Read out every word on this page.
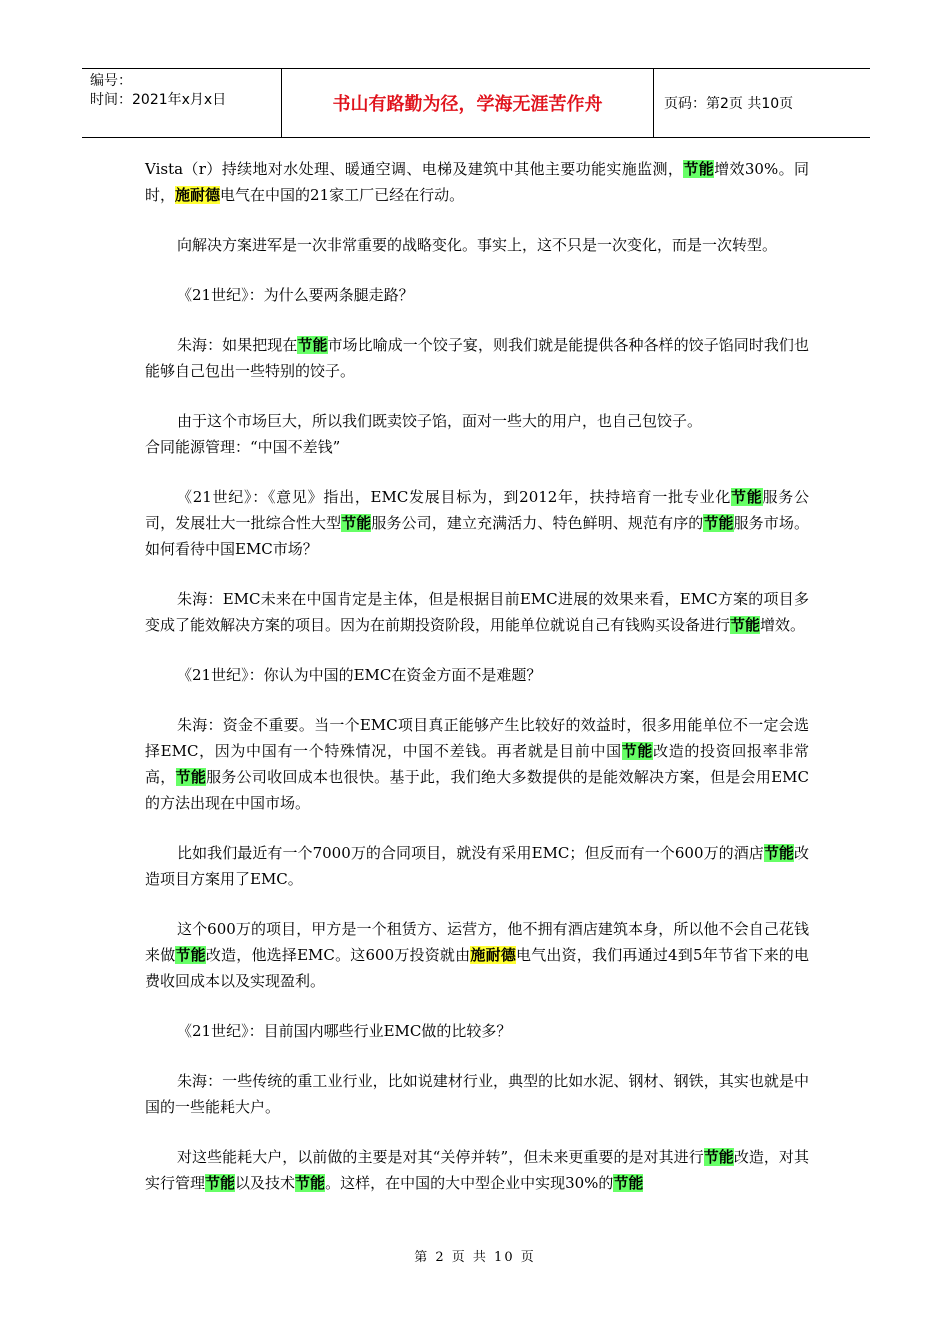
编号：
时间：2021年x月x日	书山有路勤为径，学海无涯苦作舟	页码：第2页 共10页

Vista（r）持续地对水处理、暖通空调、电梯及建筑中其他主要功能实施监测，节能增效30%。同时，施耐德电气在中国的21家工厂已经在行动。

向解决方案进军是一次非常重要的战略变化。事实上，这不只是一次变化，而是一次转型。

《21世纪》：为什么要两条腿走路？

朱海：如果把现在节能市场比喻成一个饺子宴，则我们就是能提供各种各样的饺子馅同时我们也能够自己包出一些特别的饺子。

由于这个市场巨大，所以我们既卖饺子馅，面对一些大的用户，也自己包饺子。

合同能源管理：“中国不差钱”

《21世纪》：《意见》指出，EMC发展目标为，到2012年，扶持培育一批专业化节能服务公司，发展壮大一批综合性大型节能服务公司，建立充满活力、特色鲜明、规范有序的节能服务市场。如何看待中国EMC市场？

朱海：EMC未来在中国肯定是主体，但是根据目前EMC进展的效果来看，EMC方案的项目多变成了能效解决方案的项目。因为在前期投资阶段，用能单位就说自己有钱购买设备进行节能增效。

《21世纪》：你认为中国的EMC在资金方面不是难题？

朱海：资金不重要。当一个EMC项目真正能够产生比较好的效益时，很多用能单位不一定会选择EMC，因为中国有一个特殊情况，中国不差钱。再者就是目前中国节能改造的投资回报率非常高，节能服务公司收回成本也很快。基于此，我们绝大多数提供的是能效解决方案，但是会用EMC的方法出现在中国市场。

比如我们最近有一个7000万的合同项目，就没有采用EMC；但反而有一个600万的酒店节能改造项目方案用了EMC。

这个600万的项目，甲方是一个租赁方、运营方，他不拥有酒店建筑本身，所以他不会自己花钱来做节能改造，他选择EMC。这600万投资就由施耐德电气出资，我们再通过4到5年节省下来的电费收回成本以及实现盈利。

《21世纪》：目前国内哪些行业EMC做的比较多？

朱海：一些传统的重工业行业，比如说建材行业，典型的比如水泥、钢材、钢铁，其实也就是中国的一些能耗大户。

对这些能耗大户，以前做的主要是对其“关停并转”，但未来更重要的是对其进行节能改造，对其实行管理节能以及技术节能。这样，在中国的大中型企业中实现30%的节能

第 2 页 共 10 页
